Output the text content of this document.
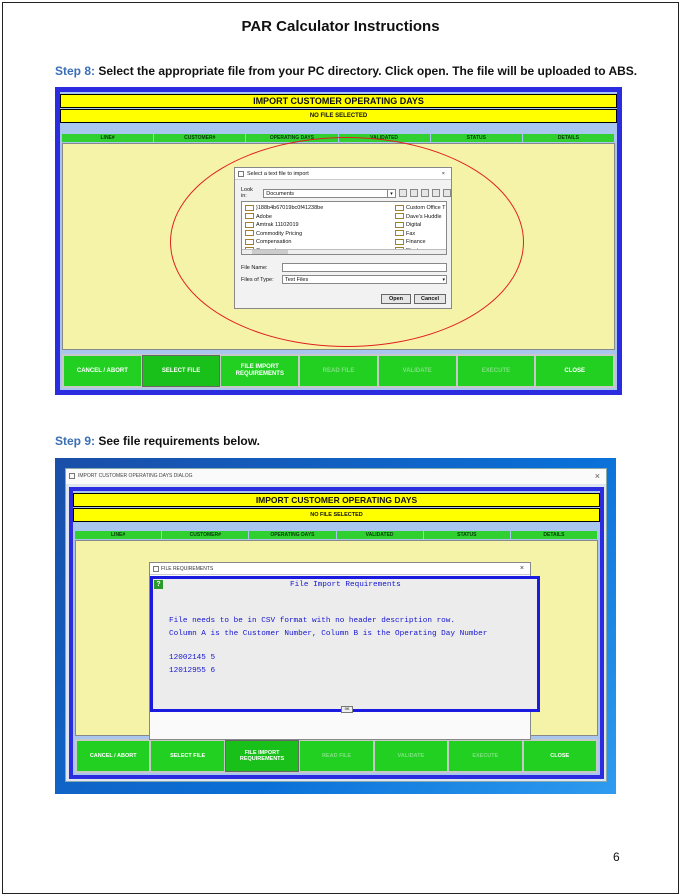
PAR Calculator Instructions
Step 8: Select the appropriate file from your PC directory. Click open. The file will be uploaded to ABS.
IMPORT CUSTOMER OPERATING DAYS
NO FILE SELECTED
LINE#	CUSTOMER#	OPERATING DAYS	VALIDATED	STATUS	DETAILS
CANCEL / ABORT	SELECT FILE
FILE IMPORT REQUIREMENTS
READ FILE	VALIDATE	EXECUTE	CLOSE
Select a text file to import	×
Look in:	Documents	▾
}188b4b67019bc0f41238be
Adobe
Amtrak 11102019
Commodity Pricing
Compensation
Custom Office T
Dave's Huddle
Digital
Fax
Finance
File Name:
Files of Type:	Text Files	▾
Open	Cancel
Step 9: See file requirements below.
IMPORT CUSTOMER OPERATING DAYS DIALOG	×
IMPORT CUSTOMER OPERATING DAYS
NO FILE SELECTED
LINE#	CUSTOMER#	OPERATING DAYS	VALIDATED	STATUS	DETAILS
CANCEL / ABORT	SELECT FILE
FILE IMPORT REQUIREMENTS
READ FILE	VALIDATE	EXECUTE	CLOSE
FILE REQUIREMENTS	×
?	File Import Requirements
File needs to be in CSV format with no header description row.
Column A is the Customer Number, Column B is the Operating Day Number
12002145 5
12012955 6
OK
6
